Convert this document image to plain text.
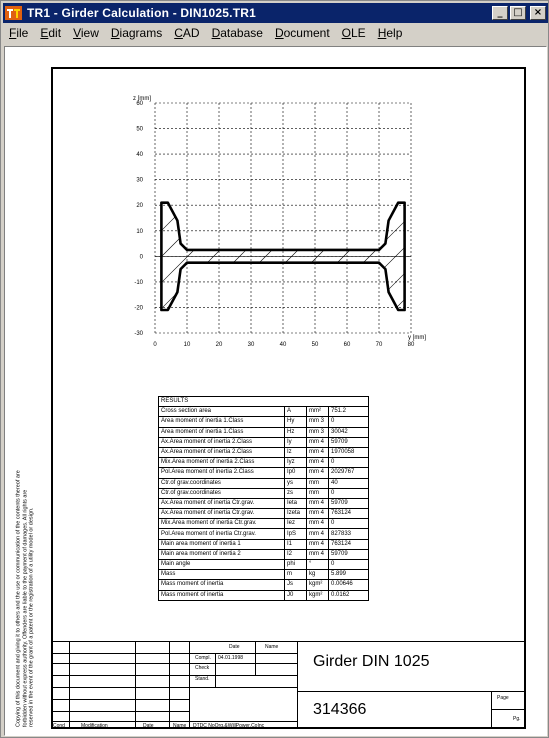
TR1 - Girder Calculation - DIN1025.TR1	_	□	×
File	Edit	View	Diagrams	CAD	Database	Document	OLE	Help
0	10	20	30	40	50	60	70	80
60
50
40
30
20
10
0
-10
-20
-30
z [mm]
y [mm]
RESULTS			
Cross section area	A	mm²	751.2
Area moment of inertia 1.Class	Hy	mm 3	0
Area moment of inertia 1.Class	Hz	mm 3	30042
Ax.Area moment of inertia 2.Class	Iy	mm 4	59709
Ax.Area moment of inertia 2.Class	Iz	mm 4	1970058
Mix.Area moment of inertia 2.Class	Iyz	mm 4	0
Pol.Area moment of inertia 2.Class	Ip0	mm 4	2029767
Ctr.of grav.coordinates	ys	mm	40
Ctr.of grav.coordinates	zs	mm	0
Ax.Area moment of inertia Ctr.grav.	Ieta	mm 4	59709
Ax.Area moment of inertia Ctr.grav.	Izeta	mm 4	763124
Mix.Area moment of inertia Ctr.grav.	Iez	mm 4	0
Pol.Area moment of inertia Ctr.grav.	IpS	mm 4	827833
Main area moment of inertia 1	I1	mm 4	763124
Main area moment of inertia 2	I2	mm 4	59709
Main angle	phi	°	0
Mass	m	kg	5.899
Mass moment of inertia	Js	kgm²	0.00646
Mass moment of inertia	J0	kgm²	0.0162
Copying of this document and giving it to others and the use or communication of the contents thereof are forbidden without express authority. Offenders are liable to the payment of damages. All rights are reserved in the event of the grant of a patent or the registration of a utility model or design.	Date	Name
Compl. 04.01.1998
Check
Stand.
Girder DIN 1025
314366
Page
Pg.
Cond	Modification	Date	Name DTDC NoOrg.&WillPower.CoInc
